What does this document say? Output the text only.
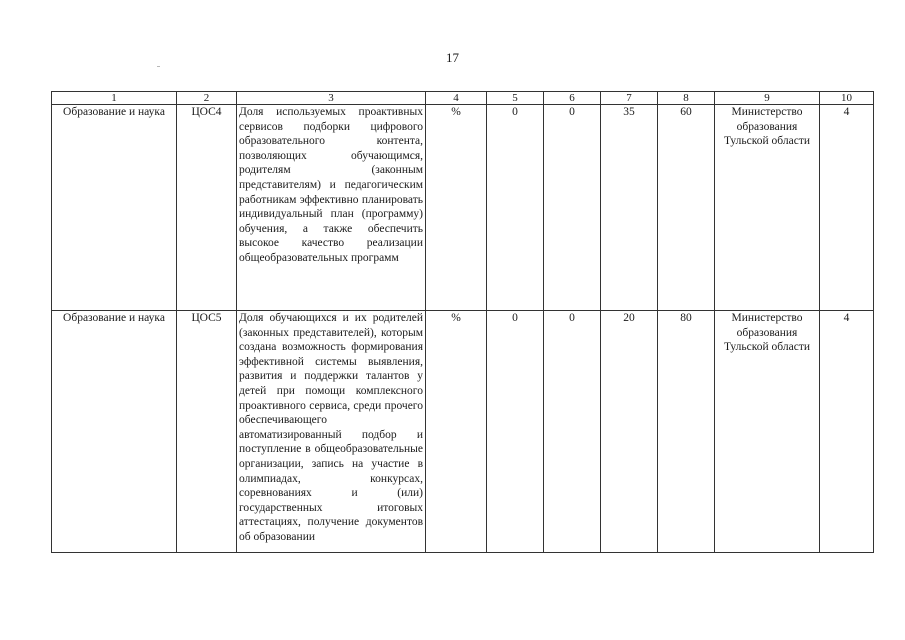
17
1	2	3	4	5	6	7	8	9	10
Образование и наука	ЦОС4	Доля используемых проактивных сервисов подборки цифрового образовательного контента, позволяющих обучающимся, родителям (законным представителям) и педагогическим работникам эффективно планировать индивидуальный план (программу) обучения, а также обеспечить высокое качество реализации общеобразовательных программ	%	0	0	35	60	Министерство образования Тульской области	4
Образование и наука	ЦОС5	Доля обучающихся и их родителей (законных представителей), которым создана возможность формирования эффективной системы выявления, развития и поддержки талантов у детей при помощи комплексного проактивного сервиса, среди прочего обеспечивающего автоматизированный подбор и поступление в общеобразовательные организации, запись на участие в олимпиадах, конкурсах, соревнованиях и (или) государственных итоговых аттестациях, получение документов об образовании	%	0	0	20	80	Министерство образования Тульской области	4
